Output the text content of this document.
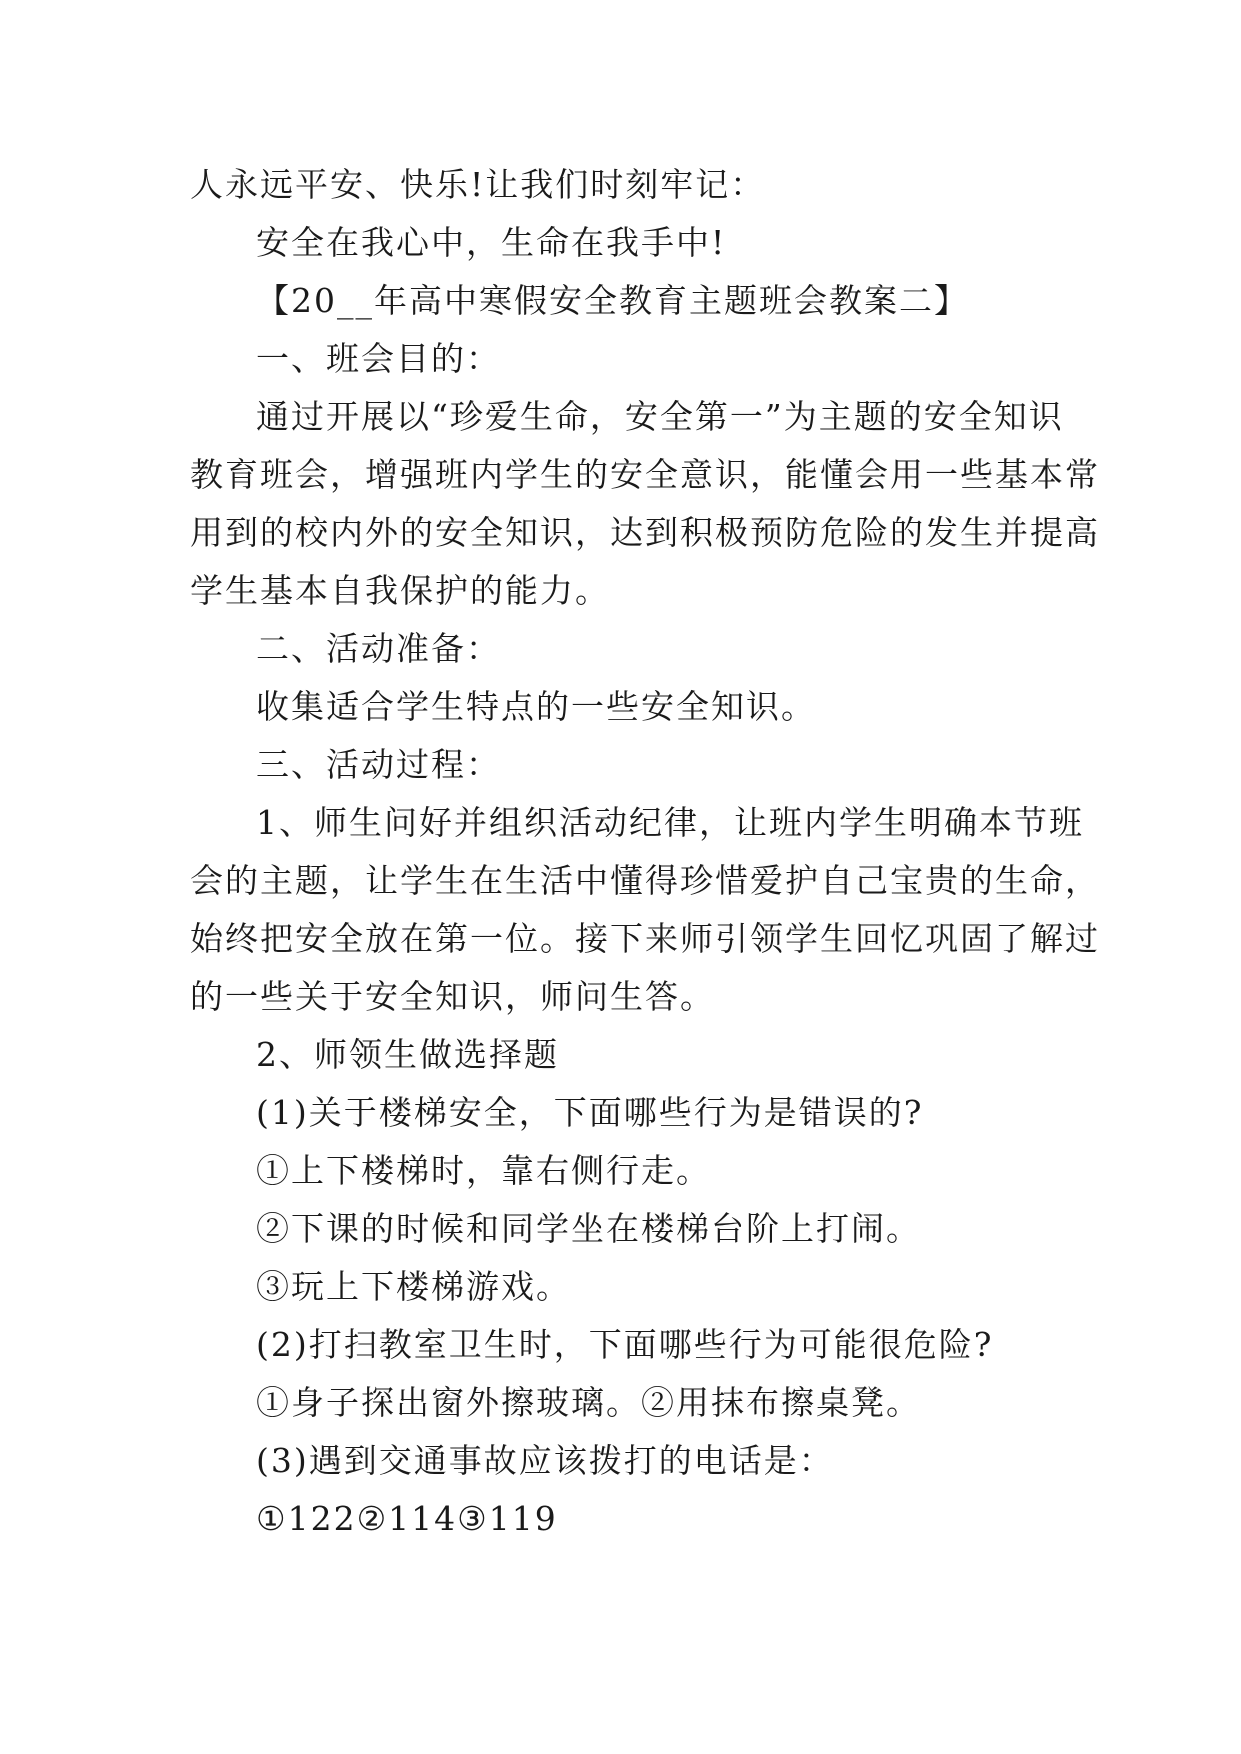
人永远平安、快乐!让我们时刻牢记：
安全在我心中，生命在我手中!
【20__年高中寒假安全教育主题班会教案二】
一、班会目的：
通过开展以“珍爱生命，安全第一”为主题的安全知识
教育班会，增强班内学生的安全意识，能懂会用一些基本常
用到的校内外的安全知识，达到积极预防危险的发生并提高
学生基本自我保护的能力。
二、活动准备：
收集适合学生特点的一些安全知识。
三、活动过程：
1、师生问好并组织活动纪律，让班内学生明确本节班
会的主题，让学生在生活中懂得珍惜爱护自己宝贵的生命，
始终把安全放在第一位。接下来师引领学生回忆巩固了解过
的一些关于安全知识，师问生答。
2、师领生做选择题
(1)关于楼梯安全，下面哪些行为是错误的?
①上下楼梯时，靠右侧行走。
②下课的时候和同学坐在楼梯台阶上打闹。
③玩上下楼梯游戏。
(2)打扫教室卫生时，下面哪些行为可能很危险?
①身子探出窗外擦玻璃。②用抹布擦桌凳。
(3)遇到交通事故应该拨打的电话是：
①122②114③119
